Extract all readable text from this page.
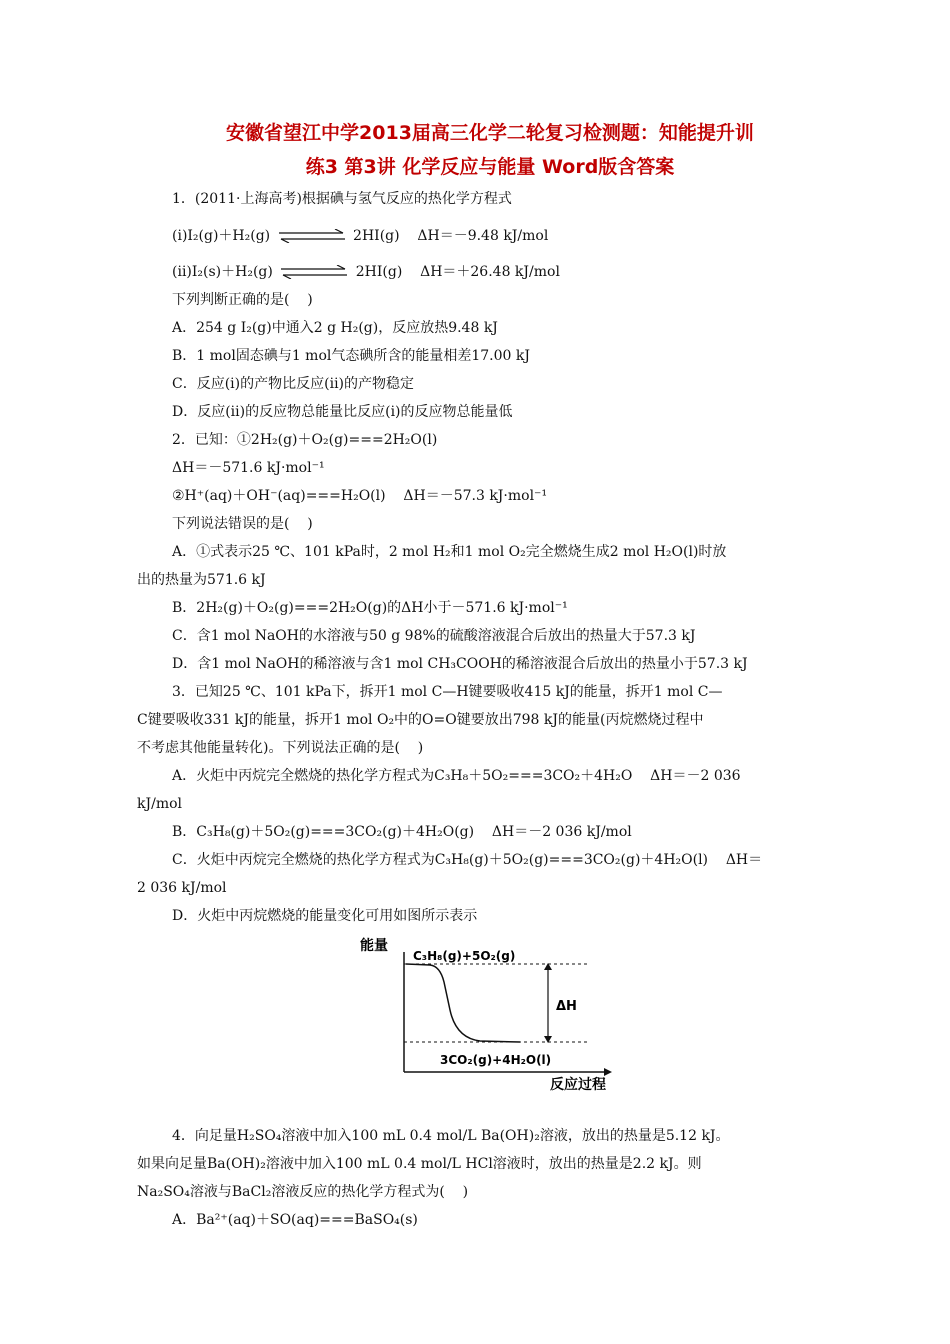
安徽省望江中学2013届高三化学二轮复习检测题：知能提升训
练3 第3讲 化学反应与能量 Word版含答案
1．(2011·上海高考)根据碘与氢气反应的热化学方程式
(ⅰ)I₂(g)＋H₂(g)	2HI(g)    ΔH＝－9.48 kJ/mol
(ⅱ)I₂(s)＋H₂(g)	2HI(g)    ΔH＝＋26.48 kJ/mol
下列判断正确的是(    )
A．254 g I₂(g)中通入2 g H₂(g)，反应放热9.48 kJ
B．1 mol固态碘与1 mol气态碘所含的能量相差17.00 kJ
C．反应(ⅰ)的产物比反应(ⅱ)的产物稳定
D．反应(ⅱ)的反应物总能量比反应(ⅰ)的反应物总能量低
2．已知：①2H₂(g)＋O₂(g)===2H₂O(l)
ΔH＝－571.6 kJ·mol⁻¹
②H⁺(aq)＋OH⁻(aq)===H₂O(l)    ΔH＝－57.3 kJ·mol⁻¹
下列说法错误的是(    )
A．①式表示25 ℃、101 kPa时，2 mol H₂和1 mol O₂完全燃烧生成2 mol H₂O(l)时放
出的热量为571.6 kJ
B．2H₂(g)＋O₂(g)===2H₂O(g)的ΔH小于－571.6 kJ·mol⁻¹
C．含1 mol NaOH的水溶液与50 g 98%的硫酸溶液混合后放出的热量大于57.3 kJ
D．含1 mol NaOH的稀溶液与含1 mol CH₃COOH的稀溶液混合后放出的热量小于57.3 kJ
3．已知25 ℃、101 kPa下，拆开1 mol C—H键要吸收415 kJ的能量，拆开1 mol C—
C键要吸收331 kJ的能量，拆开1 mol O₂中的O=O键要放出798 kJ的能量(丙烷燃烧过程中
不考虑其他能量转化)。下列说法正确的是(    )
A．火炬中丙烷完全燃烧的热化学方程式为C₃H₈＋5O₂===3CO₂＋4H₂O    ΔH＝－2 036
kJ/mol
B．C₃H₈(g)＋5O₂(g)===3CO₂(g)＋4H₂O(g)    ΔH＝－2 036 kJ/mol
C．火炬中丙烷完全燃烧的热化学方程式为C₃H₈(g)＋5O₂(g)===3CO₂(g)＋4H₂O(l)    ΔH＝
2 036 kJ/mol
D．火炬中丙烷燃烧的能量变化可用如图所示表示
能量
C₃H₈(g)+5O₂(g)
ΔH
3CO₂(g)+4H₂O(l)
反应过程
4．向足量H₂SO₄溶液中加入100 mL 0.4 mol/L Ba(OH)₂溶液，放出的热量是5.12 kJ。
如果向足量Ba(OH)₂溶液中加入100 mL 0.4 mol/L HCl溶液时，放出的热量是2.2 kJ。则
Na₂SO₄溶液与BaCl₂溶液反应的热化学方程式为(    )
A．Ba²⁺(aq)＋SO(aq)===BaSO₄(s)
